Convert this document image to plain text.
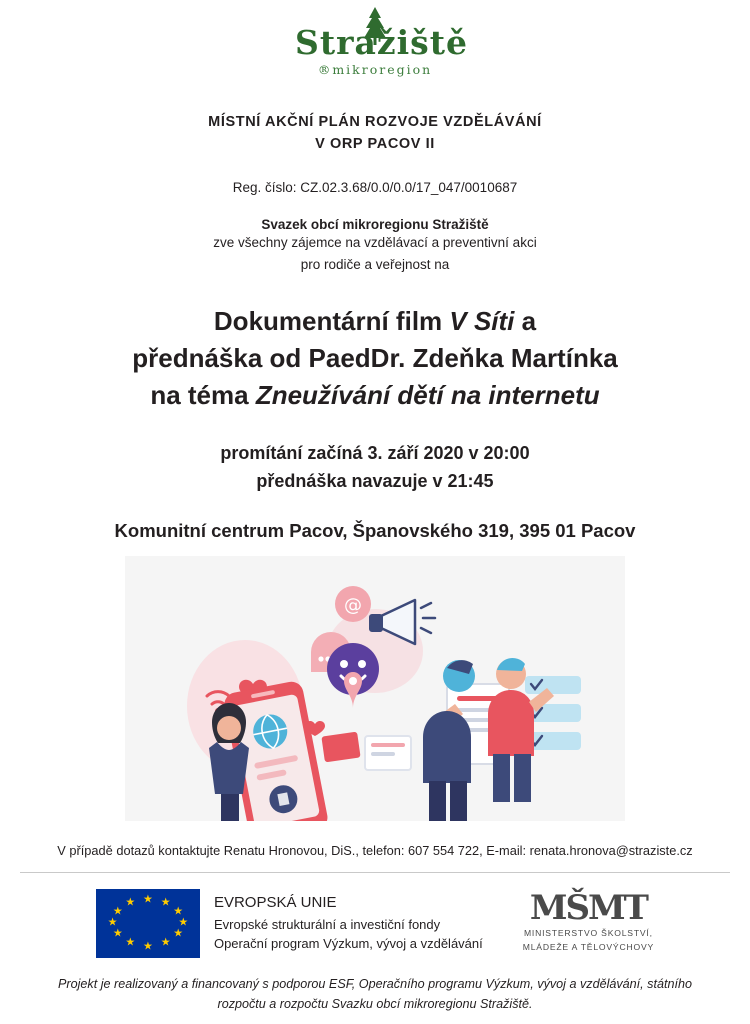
Stražiště
®mikroregion
MÍSTNÍ AKČNÍ PLÁN ROZVOJE VZDĚLÁVÁNÍ
V ORP PACOV II
Reg. číslo: CZ.02.3.68/0.0/0.0/17_047/0010687
Svazek obcí mikroregionu Stražiště
zve všechny zájemce na vzdělávací a preventivní akci
pro rodiče a veřejnost na
Dokumentární film V Síti a
přednáška od PaedDr. Zdeňka Martínka
na téma Zneužívání dětí na internetu
promítání začíná 3. září 2020 v 20:00
přednáška navazuje v 21:45
Komunitní centrum Pacov, Španovského 319, 395 01 Pacov
@
V případě dotazů kontaktujte Renatu Hronovou, DiS., telefon: 607 554 722, E-mail: renata.hronova@straziste.cz
★ ★
★
★
★
★
★
★
★
★
★
★	EVROPSKÁ UNIE
Evropské strukturální a investiční fondy
Operační program Výzkum, vývoj a vzdělávání
MŠMT
MINISTERSTVO ŠKOLSTVÍ,
MLÁDEŽE A TĚLOVÝCHOVY
Projekt je realizovaný a financovaný s podporou ESF, Operačního programu Výzkum, vývoj a vzdělávání, státního
rozpočtu a rozpočtu Svazku obcí mikroregionu Stražiště.
